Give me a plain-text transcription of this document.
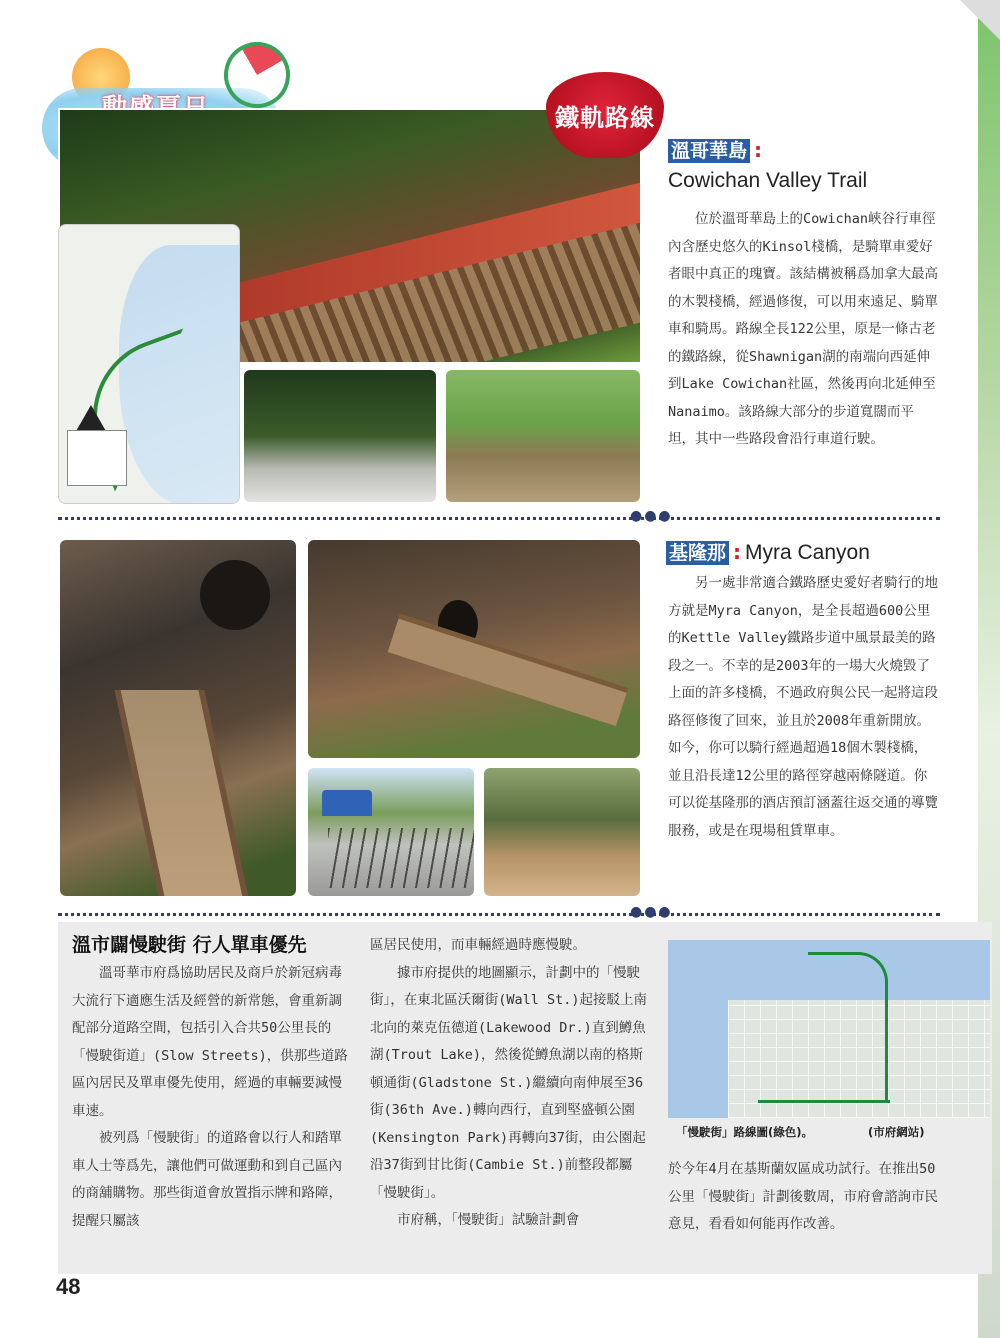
鐵軌路線
溫哥華島 :
Cowichan Valley Trail
位於溫哥華島上的Cowichan峽谷行車徑內含歷史悠久的Kinsol棧橋，是騎單車愛好者眼中真正的瑰寶。該結構被稱爲加拿大最高的木製棧橋，經過修復，可以用來遠足、騎單車和騎馬。路線全長122公里，原是一條古老的鐵路線，從Shawnigan湖的南端向西延伸到Lake Cowichan社區，然後再向北延伸至Nanaimo。該路線大部分的步道寬闊而平坦，其中一些路段會沿行車道行駛。
●●●
基隆那 : Myra Canyon
另一處非常適合鐵路歷史愛好者騎行的地方就是Myra Canyon，是全長超過600公里的Kettle Valley鐵路步道中風景最美的路段之一。不幸的是2003年的一場大火燒毀了上面的許多棧橋，不過政府與公民一起將這段路徑修復了回來，並且於2008年重新開放。如今，你可以騎行經過超過18個木製棧橋，並且沿長達12公里的路徑穿越兩條隧道。你可以從基隆那的酒店預訂涵蓋往返交通的導覽服務，或是在現場租賃單車。
●●●
溫市闢慢駛街 行人單車優先
溫哥華市府爲協助居民及商戶於新冠病毒大流行下適應生活及經營的新常態，會重新調配部分道路空間，包括引入合共50公里長的「慢駛街道」(Slow Streets)，供那些道路區內居民及單車優先使用，經過的車輛要減慢車速。
被列爲「慢駛街」的道路會以行人和踏單車人士等爲先，讓他們可做運動和到自己區內的商舖購物。那些街道會放置指示牌和路障，提醒只屬該
區居民使用，而車輛經過時應慢駛。
據市府提供的地圖顯示，計劃中的「慢駛街」，在東北區沃爾街(Wall St.)起接駁上南北向的萊克伍德道(Lakewood Dr.)直到鱒魚湖(Trout Lake)，然後從鱒魚湖以南的格斯頓通街(Gladstone St.)繼續向南伸展至36街(36th Ave.)轉向西行，直到堅盛頓公園(Kensington Park)再轉向37街，由公園起沿37街到甘比街(Cambie St.)前整段都屬「慢駛街」。
市府稱，「慢駛街」試驗計劃會
「慢駛街」路線圖(綠色)。	(市府網站)
於今年4月在基斯蘭奴區成功試行。在推出50公里「慢駛街」計劃後數周，市府會諮詢市民意見，看看如何能再作改善。
48
